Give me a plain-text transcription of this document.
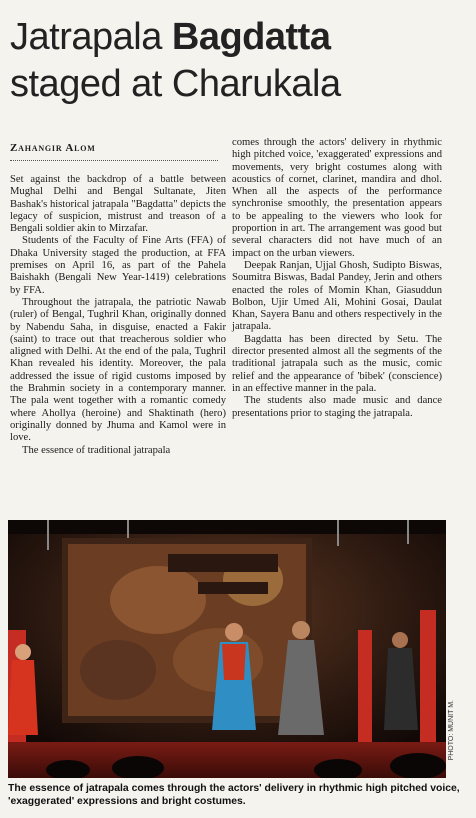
Jatrapala Bagdatta
staged at Charukala
Zahangir Alom

Set against the backdrop of a battle between Mughal Delhi and Bengal Sultanate, Jiten Bashak's historical jatrapala "Bagdatta" depicts the legacy of suspicion, mistrust and treason of a Bengali soldier akin to Mirzafar.

Students of the Faculty of Fine Arts (FFA) of Dhaka University staged the production, at FFA premises on April 16, as part of the Pahela Baishakh (Bengali New Year-1419) celebrations by FFA.

Throughout the jatrapala, the patriotic Nawab (ruler) of Bengal, Tughril Khan, originally donned by Nabendu Saha, in disguise, enacted a Fakir (saint) to trace out that treacherous soldier who aligned with Delhi. At the end of the pala, Tughril Khan revealed his identity. Moreover, the pala addressed the issue of rigid customs imposed by the Brahmin society in a contemporary manner. The pala went together with a romantic comedy where Ahollya (heroine) and Shaktinath (hero) originally donned by Jhuma and Kamol were in love.

The essence of traditional jatrapala

comes through the actors' delivery in rhythmic high pitched voice, 'exaggerated' expressions and movements, very bright costumes along with acoustics of cornet, clarinet, mandira and dhol. When all the aspects of the performance synchronise smoothly, the presentation appears to be appealing to the viewers who look for proportion in art. The arrangement was good but several characters did not have much of an impact on the urban viewers.

Deepak Ranjan, Ujjal Ghosh, Sudipto Biswas, Soumitra Biswas, Badal Pandey, Jerin and others enacted the roles of Momin Khan, Giasuddun Bolbon, Ujir Umed Ali, Mohini Gosai, Daulat Khan, Sayera Banu and others respectively in the jatrapala.

Bagdatta has been directed by Setu. The director presented almost all the segments of the traditional jatrapala such as the music, comic relief and the appearance of 'bibek' (conscience) in an effective manner in the pala.

The students also made music and dance presentations prior to staging the jatrapala.

PHOTO: MUNIT M.
The essence of jatrapala comes through the actors' delivery in rhythmic high pitched voice, 'exaggerated' expressions and bright costumes.
